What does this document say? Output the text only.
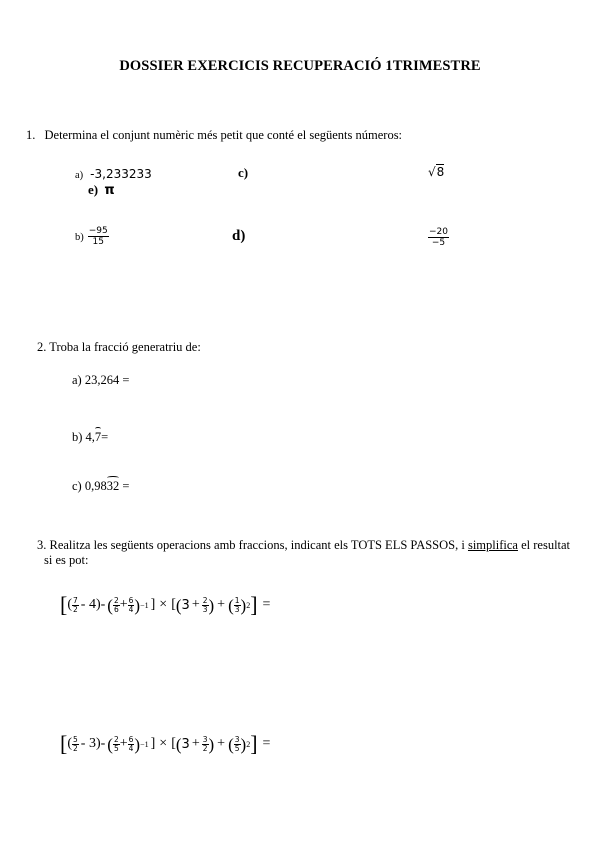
DOSSIER EXERCICIS RECUPERACIÓ 1TRIMESTRE
1. Determina el conjunt numèric més petit que conté el següents números:
a) -3,233233	c)	√8
e) π
$b) \frac{-95}{15}$	d)	$\frac{-20}{-5}$
2. Troba la fracció generatriu de:
a) 23,264 =
b) 4,7=
c) 0,9832 =
3. Realitza les següents operacions amb fraccions, indicant els TOTS ELS PASSOS, i simplifica el resultat
si es pot:
[ ( $\frac{7}{2} - 4)-$ ( $\frac{2}{6} + \frac{6}{4}$ ) −1 ] × [ ( $3 + \frac{2}{3}$ ) + ( $\frac{1}{3}$ ) 2 ] =
[ ( $\frac{5}{2} - 3)-$ ( $\frac{2}{5} + \frac{6}{4}$ ) −1 ] × [ ( $3 + \frac{3}{2}$ ) + ( $\frac{3}{5}$ ) 2 ] =
